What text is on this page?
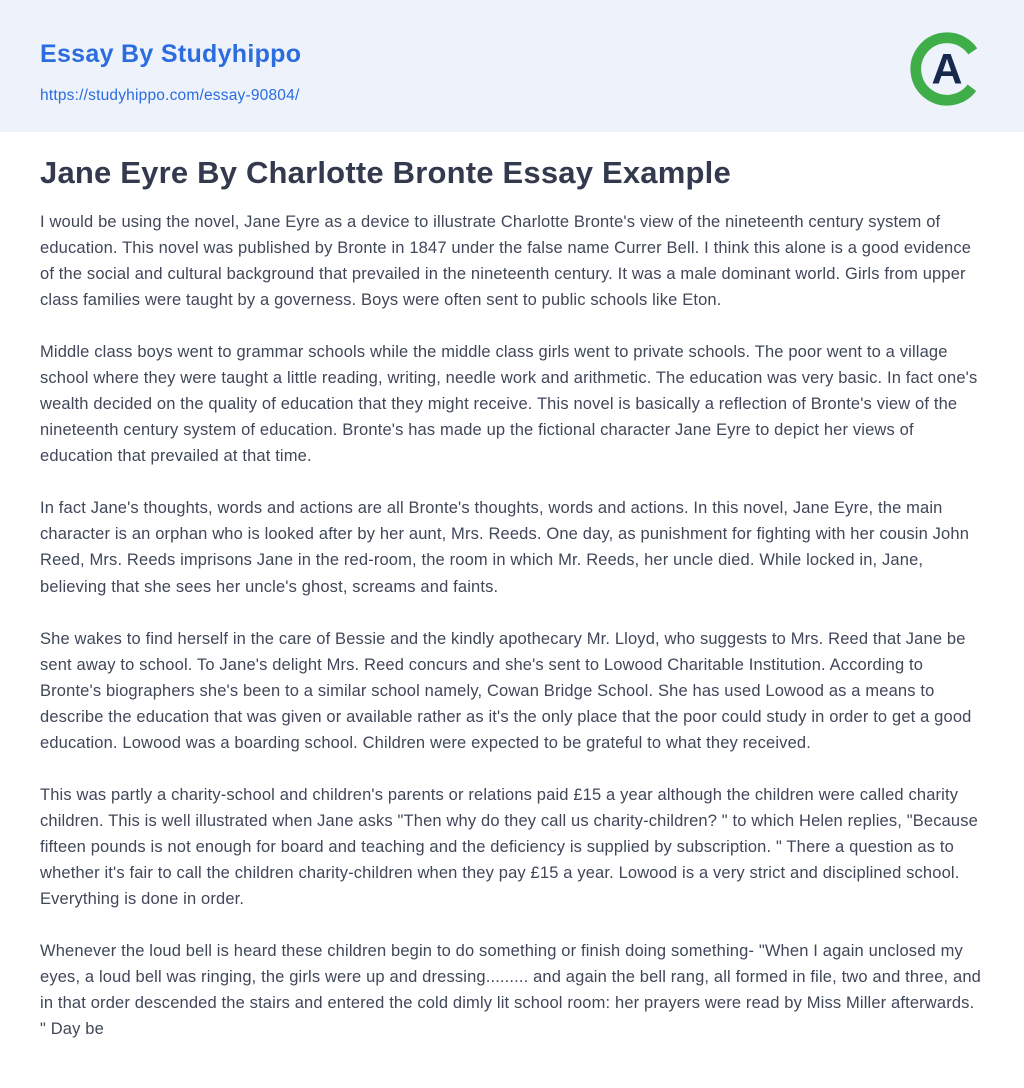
Essay By Studyhippo
https://studyhippo.com/essay-90804/
A
Jane Eyre By Charlotte Bronte Essay Example

I would be using the novel, Jane Eyre as a device to illustrate Charlotte Bronte's view of the nineteenth century system of education. This novel was published by Bronte in 1847 under the false name Currer Bell. I think this alone is a good evidence of the social and cultural background that prevailed in the nineteenth century. It was a male dominant world. Girls from upper class families were taught by a governess. Boys were often sent to public schools like Eton.

Middle class boys went to grammar schools while the middle class girls went to private schools. The poor went to a village school where they were taught a little reading, writing, needle work and arithmetic. The education was very basic. In fact one's wealth decided on the quality of education that they might receive. This novel is basically a reflection of Bronte's view of the nineteenth century system of education. Bronte's has made up the fictional character Jane Eyre to depict her views of education that prevailed at that time.

In fact Jane's thoughts, words and actions are all Bronte's thoughts, words and actions. In this novel, Jane Eyre, the main character is an orphan who is looked after by her aunt, Mrs. Reeds. One day, as punishment for fighting with her cousin John Reed, Mrs. Reeds imprisons Jane in the red-room, the room in which Mr. Reeds, her uncle died. While locked in, Jane, believing that she sees her uncle's ghost, screams and faints.

She wakes to find herself in the care of Bessie and the kindly apothecary Mr. Lloyd, who suggests to Mrs. Reed that Jane be sent away to school. To Jane's delight Mrs. Reed concurs and she's sent to Lowood Charitable Institution. According to Bronte's biographers she's been to a similar school namely, Cowan Bridge School. She has used Lowood as a means to describe the education that was given or available rather as it's the only place that the poor could study in order to get a good education. Lowood was a boarding school. Children were expected to be grateful to what they received.

This was partly a charity-school and children's parents or relations paid £15 a year although the children were called charity children. This is well illustrated when Jane asks "Then why do they call us charity-children? " to which Helen replies, "Because fifteen pounds is not enough for board and teaching and the deficiency is supplied by subscription. " There a question as to whether it's fair to call the children charity-children when they pay £15 a year. Lowood is a very strict and disciplined school. Everything is done in order.

Whenever the loud bell is heard these children begin to do something or finish doing something- "When I again unclosed my eyes, a loud bell was ringing, the girls were up and dressing......... and again the bell rang, all formed in file, two and three, and in that order descended the stairs and entered the cold dimly lit school room: her prayers were read by Miss Miller afterwards. " Day be
